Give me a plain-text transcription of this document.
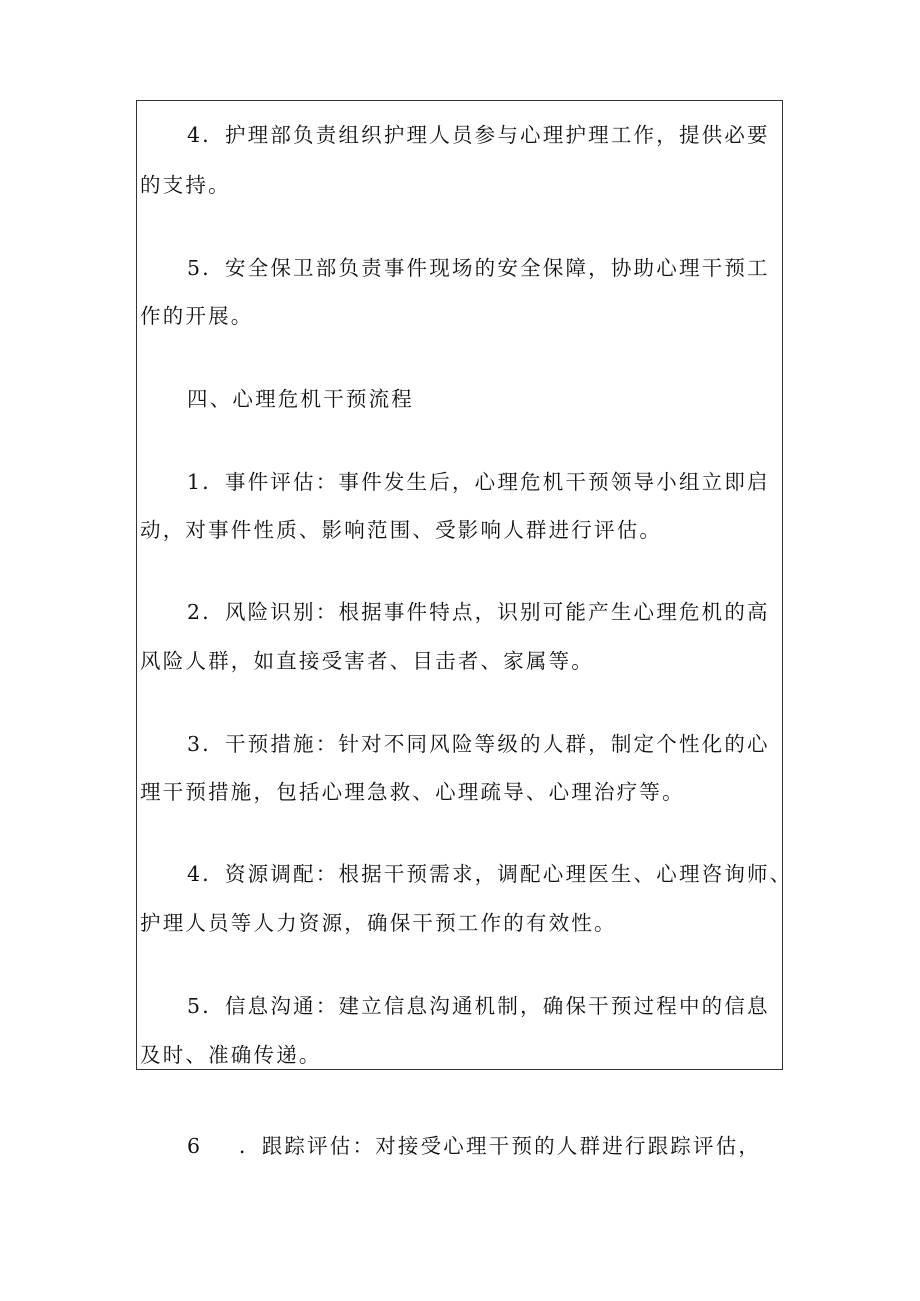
4．护理部负责组织护理人员参与心理护理工作，提供必要
的支持。
5．安全保卫部负责事件现场的安全保障，协助心理干预工
作的开展。
四、心理危机干预流程
1．事件评估：事件发生后，心理危机干预领导小组立即启
动，对事件性质、影响范围、受影响人群进行评估。
2．风险识别：根据事件特点，识别可能产生心理危机的高
风险人群，如直接受害者、目击者、家属等。
3．干预措施：针对不同风险等级的人群，制定个性化的心
理干预措施，包括心理急救、心理疏导、心理治疗等。
4．资源调配：根据干预需求，调配心理医生、心理咨询师、
护理人员等人力资源，确保干预工作的有效性。
5．信息沟通：建立信息沟通机制，确保干预过程中的信息
及时、准确传递。
6 ．跟踪评估：对接受心理干预的人群进行跟踪评估，
